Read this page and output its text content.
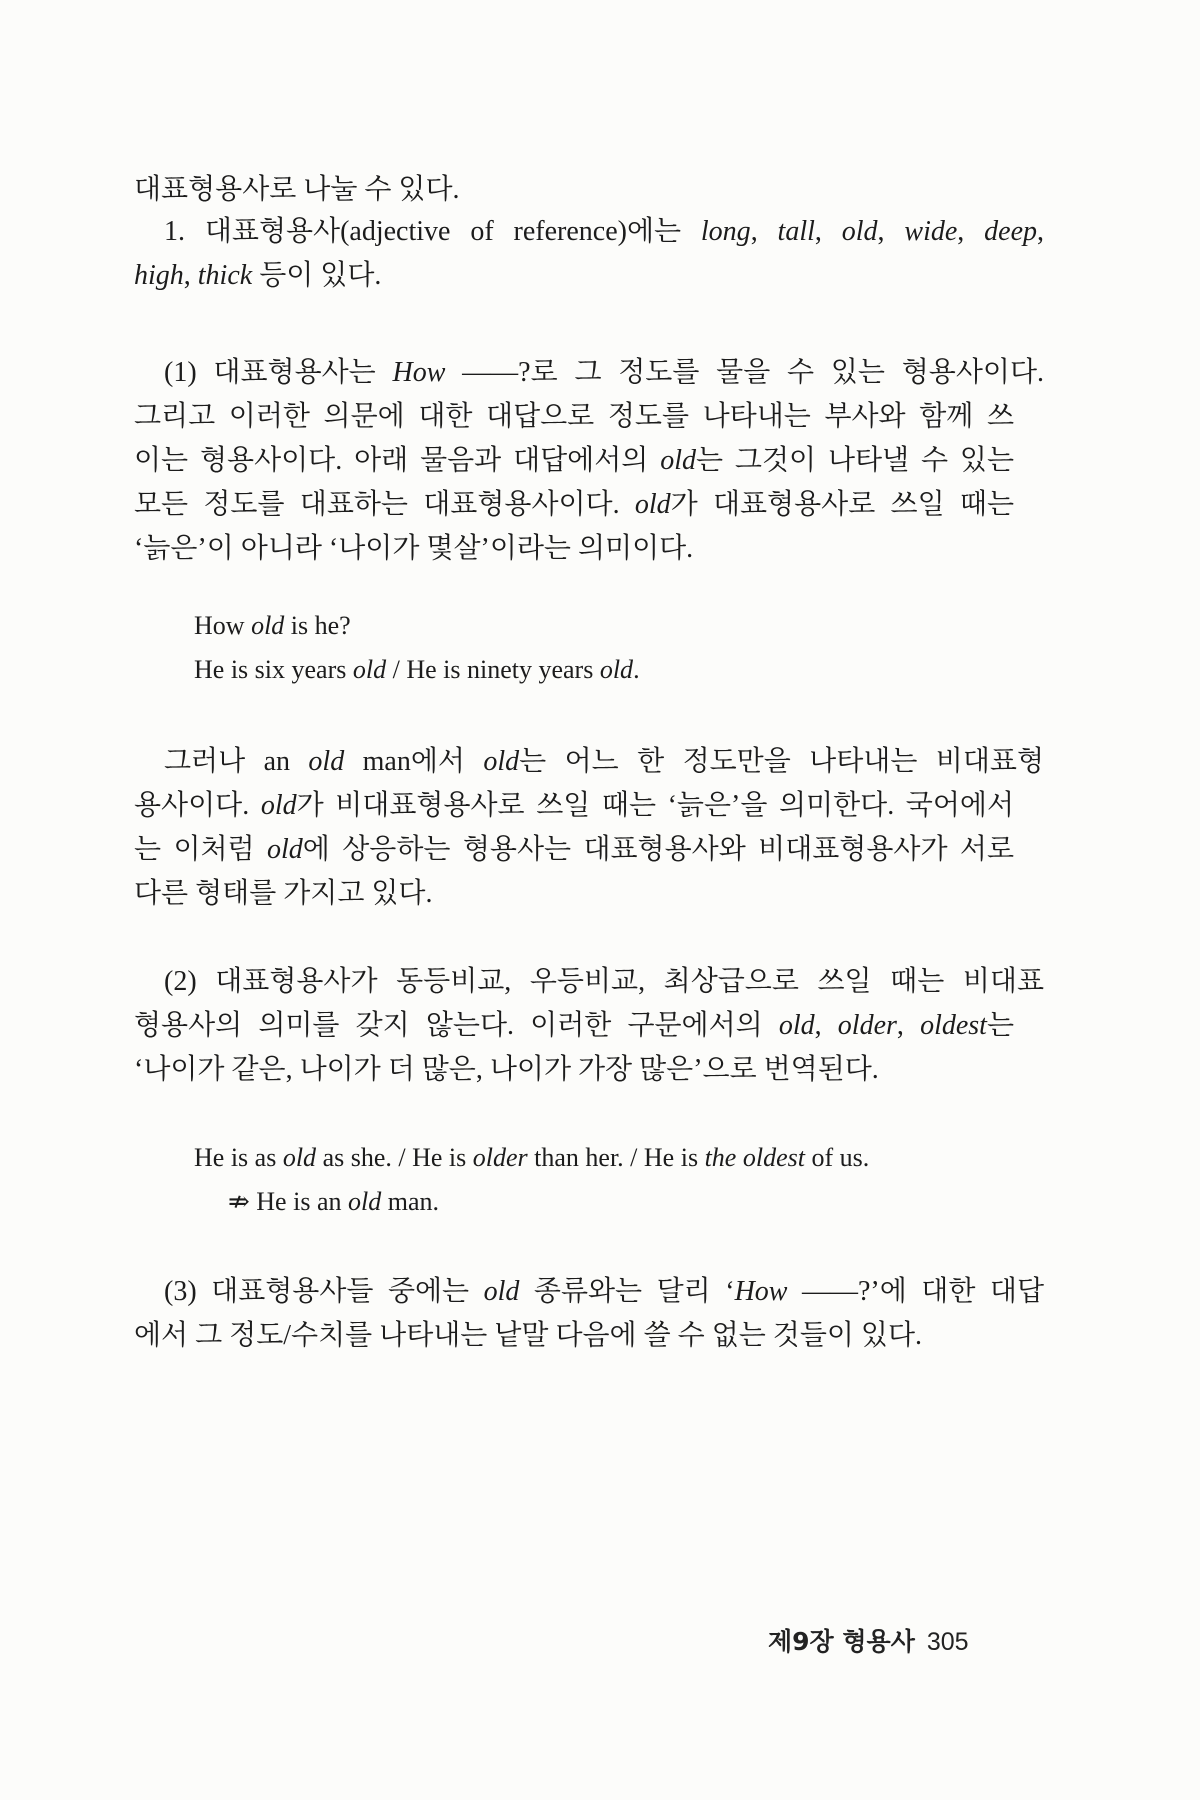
대표형용사로 나눌 수 있다.
1. 대표형용사(adjective of reference)에는 long, tall, old, wide, deep,
high, thick 등이 있다.
(1) 대표형용사는 How ——?로 그 정도를 물을 수 있는 형용사이다.
그리고 이러한 의문에 대한 대답으로 정도를 나타내는 부사와 함께 쓰
이는 형용사이다. 아래 물음과 대답에서의 old는 그것이 나타낼 수 있는
모든 정도를 대표하는 대표형용사이다. old가 대표형용사로 쓰일 때는
‘늙은’이 아니라 ‘나이가 몇살’이라는 의미이다.
How old is he?
He is six years old / He is ninety years old.
그러나 an old man에서 old는 어느 한 정도만을 나타내는 비대표형
용사이다. old가 비대표형용사로 쓰일 때는 ‘늙은’을 의미한다. 국어에서
는 이처럼 old에 상응하는 형용사는 대표형용사와 비대표형용사가 서로
다른 형태를 가지고 있다.
(2) 대표형용사가 동등비교, 우등비교, 최상급으로 쓰일 때는 비대표
형용사의 의미를 갖지 않는다. 이러한 구문에서의 old, older, oldest는
‘나이가 같은, 나이가 더 많은, 나이가 가장 많은’으로 번역된다.
He is as old as she. / He is older than her. / He is the oldest of us.
⇏ He is an old man.
(3) 대표형용사들 중에는 old 종류와는 달리 ‘How ——?’에 대한 대답
에서 그 정도/수치를 나타내는 낱말 다음에 쓸 수 없는 것들이 있다.
제9장 형용사 305
